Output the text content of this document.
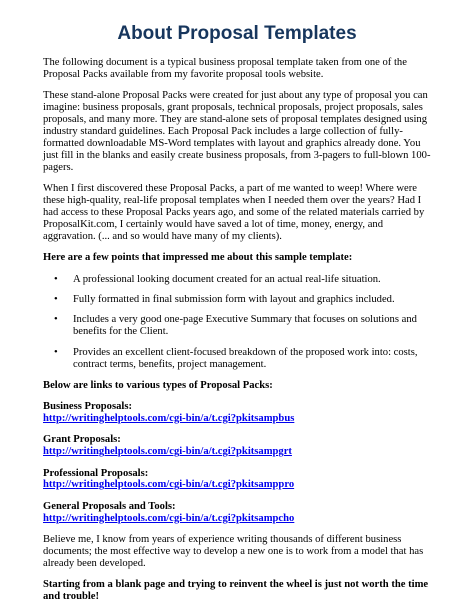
About Proposal Templates

The following document is a typical business proposal template taken from one of the Proposal Packs available from my favorite proposal tools website.

These stand-alone Proposal Packs were created for just about any type of proposal you can imagine: business proposals, grant proposals, technical proposals, project proposals, sales proposals, and many more. They are stand-alone sets of proposal templates designed using industry standard guidelines. Each Proposal Pack includes a large collection of fully-formatted downloadable MS-Word templates with layout and graphics already done. You just fill in the blanks and easily create business proposals, from 3-pagers to full-blown 100-pagers.

When I first discovered these Proposal Packs, a part of me wanted to weep! Where were these high-quality, real-life proposal templates when I needed them over the years? Had I had access to these Proposal Packs years ago, and some of the related materials carried by ProposalKit.com, I certainly would have saved a lot of time, money, energy, and aggravation. (... and so would have many of my clients).

Here are a few points that impressed me about this sample template:

• A professional looking document created for an actual real-life situation.
• Fully formatted in final submission form with layout and graphics included.
• Includes a very good one-page Executive Summary that focuses on solutions and benefits for the Client.
• Provides an excellent client-focused breakdown of the proposed work into: costs, contract terms, benefits, project management.

Below are links to various types of Proposal Packs:

Business Proposals:
http://writinghelptools.com/cgi-bin/a/t.cgi?pkitsampbus
Grant Proposals:
http://writinghelptools.com/cgi-bin/a/t.cgi?pkitsampgrt
Professional Proposals:
http://writinghelptools.com/cgi-bin/a/t.cgi?pkitsamppro
General Proposals and Tools:
http://writinghelptools.com/cgi-bin/a/t.cgi?pkitsampcho

Believe me, I know from years of experience writing thousands of different business documents; the most effective way to develop a new one is to work from a model that has already been developed.

Starting from a blank page and trying to reinvent the wheel is just not worth the time and trouble!
